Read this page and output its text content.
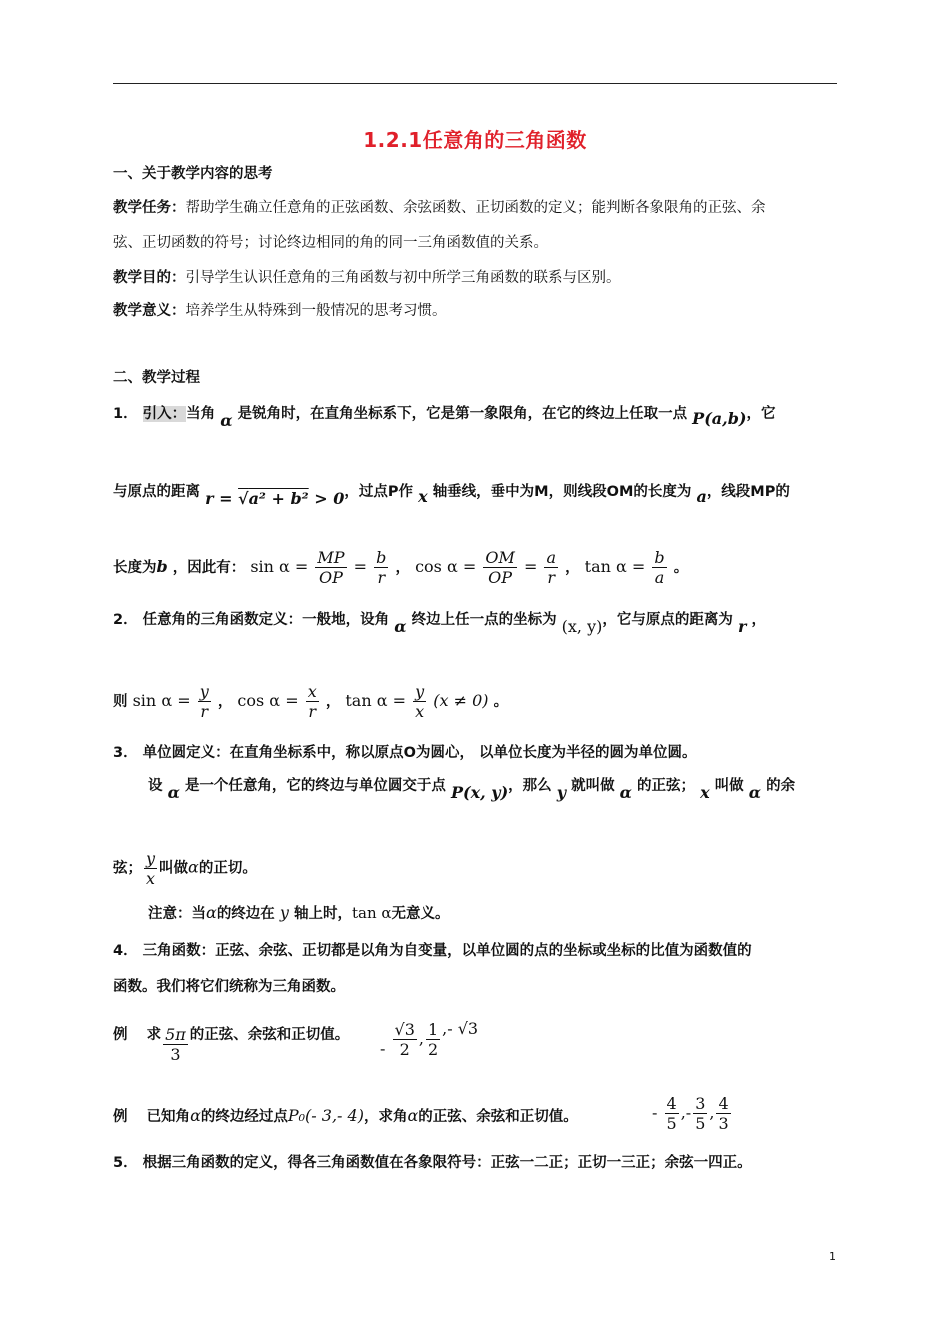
1.2.1任意角的三角函数
一、关于教学内容的思考
教学任务：帮助学生确立任意角的正弦函数、余弦函数、正切函数的定义；能判断各象限角的正弦、余
弦、正切函数的符号；讨论终边相同的角的同一三角函数值的关系。
教学目的：引导学生认识任意角的三角函数与初中所学三角函数的联系与区别。
教学意义：培养学生从特殊到一般情况的思考习惯。
二、教学过程
1． 引入：当角 α 是锐角时，在直角坐标系下，它是第一象限角，在它的终边上任取一点 P(a,b)，它
与原点的距离 r = √a² + b² > 0，过点P作 x 轴垂线，垂中为M，则线段OM的长度为 a，线段MP的
长度为b ，因此有： $\sin \alpha = \frac{MP}{OP} = \frac{b}{r}$ ， $\cos \alpha = \frac{OM}{OP} = \frac{a}{r}$ ， $\tan \alpha = \frac{b}{a}$ 。
2． 任意角的三角函数定义：一般地，设角 α 终边上任一点的坐标为 (x, y)，它与原点的距离为 r ，
则 $\sin \alpha = \frac{y}{r}$ ， $\cos \alpha = \frac{x}{r}$ ， $\tan \alpha = \frac{y}{x} (x \ne 0)$ 。
3． 单位圆定义：在直角坐标系中，称以原点O为圆心， 以单位长度为半径的圆为单位圆。
设 α 是一个任意角，它的终边与单位圆交于点 P(x, y)，那么 y 就叫做 α 的正弦； x 叫做 α 的余
弦； $\frac{y}{x}$ 叫做α的正切。
注意：当α的终边在 y 轴上时，tan α无意义。
4． 三角函数：正弦、余弦、正切都是以角为自变量，以单位圆的点的坐标或坐标的比值为函数值的
函数。我们将它们统称为三角函数。
例 求 $\frac{5\pi}{3}$ 的正弦、余弦和正切值。
- $\frac{√3}{2}$ , $\frac{1}{2}$ ,- √3
例 已知角α的终边经过点P₀(- 3,- 4)，求角α的正弦、余弦和正切值。	- $\frac{4}{5}$ ,- $\frac{3}{5}$ , $\frac{4}{3}$
5． 根据三角函数的定义，得各三角函数值在各象限符号：正弦一二正；正切一三正；余弦一四正。
1
